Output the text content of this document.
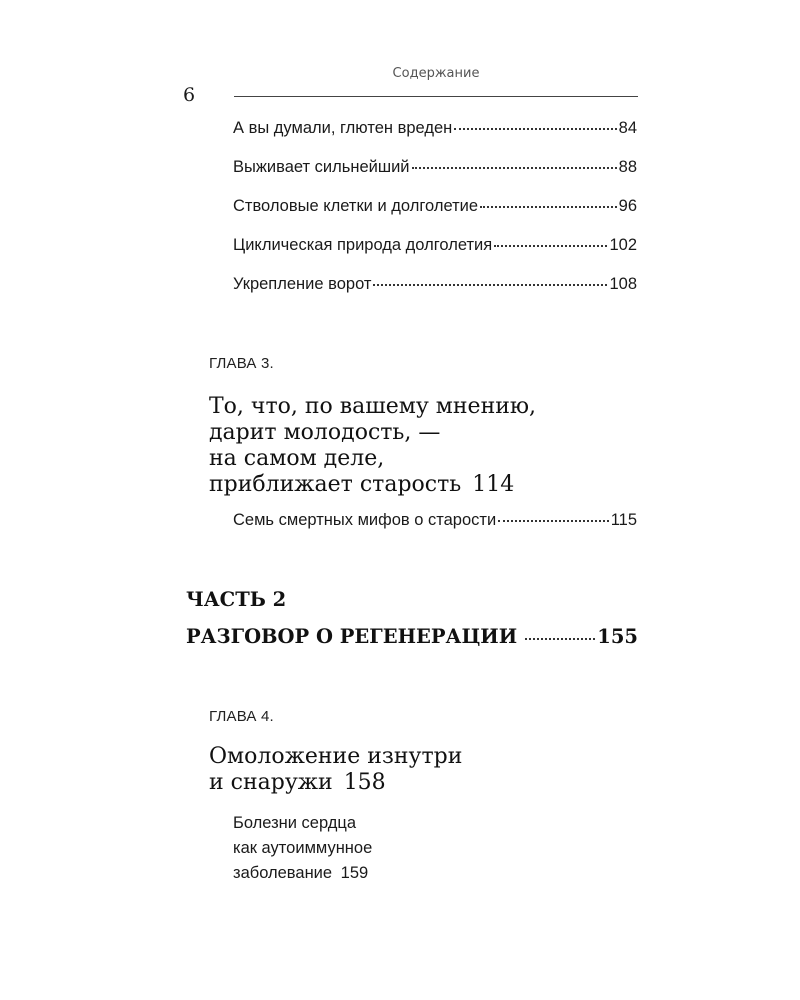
Содержание
6
А вы думали, глютен вреден	84
Выживает сильнейший	88
Стволовые клетки и долголетие	96
Циклическая природа долголетия	102
Укрепление ворот	108
ГЛАВА 3.
То, что, по вашему мнению,
дарит молодость, —
на самом деле,
приближает старость 114
Семь смертных мифов о старости	115
ЧАСТЬ 2
РАЗГОВОР О РЕГЕНЕРАЦИИ	155
ГЛАВА 4.
Омоложение изнутри
и снаружи 158
Болезни сердца
как аутоиммунное
заболевание 159
